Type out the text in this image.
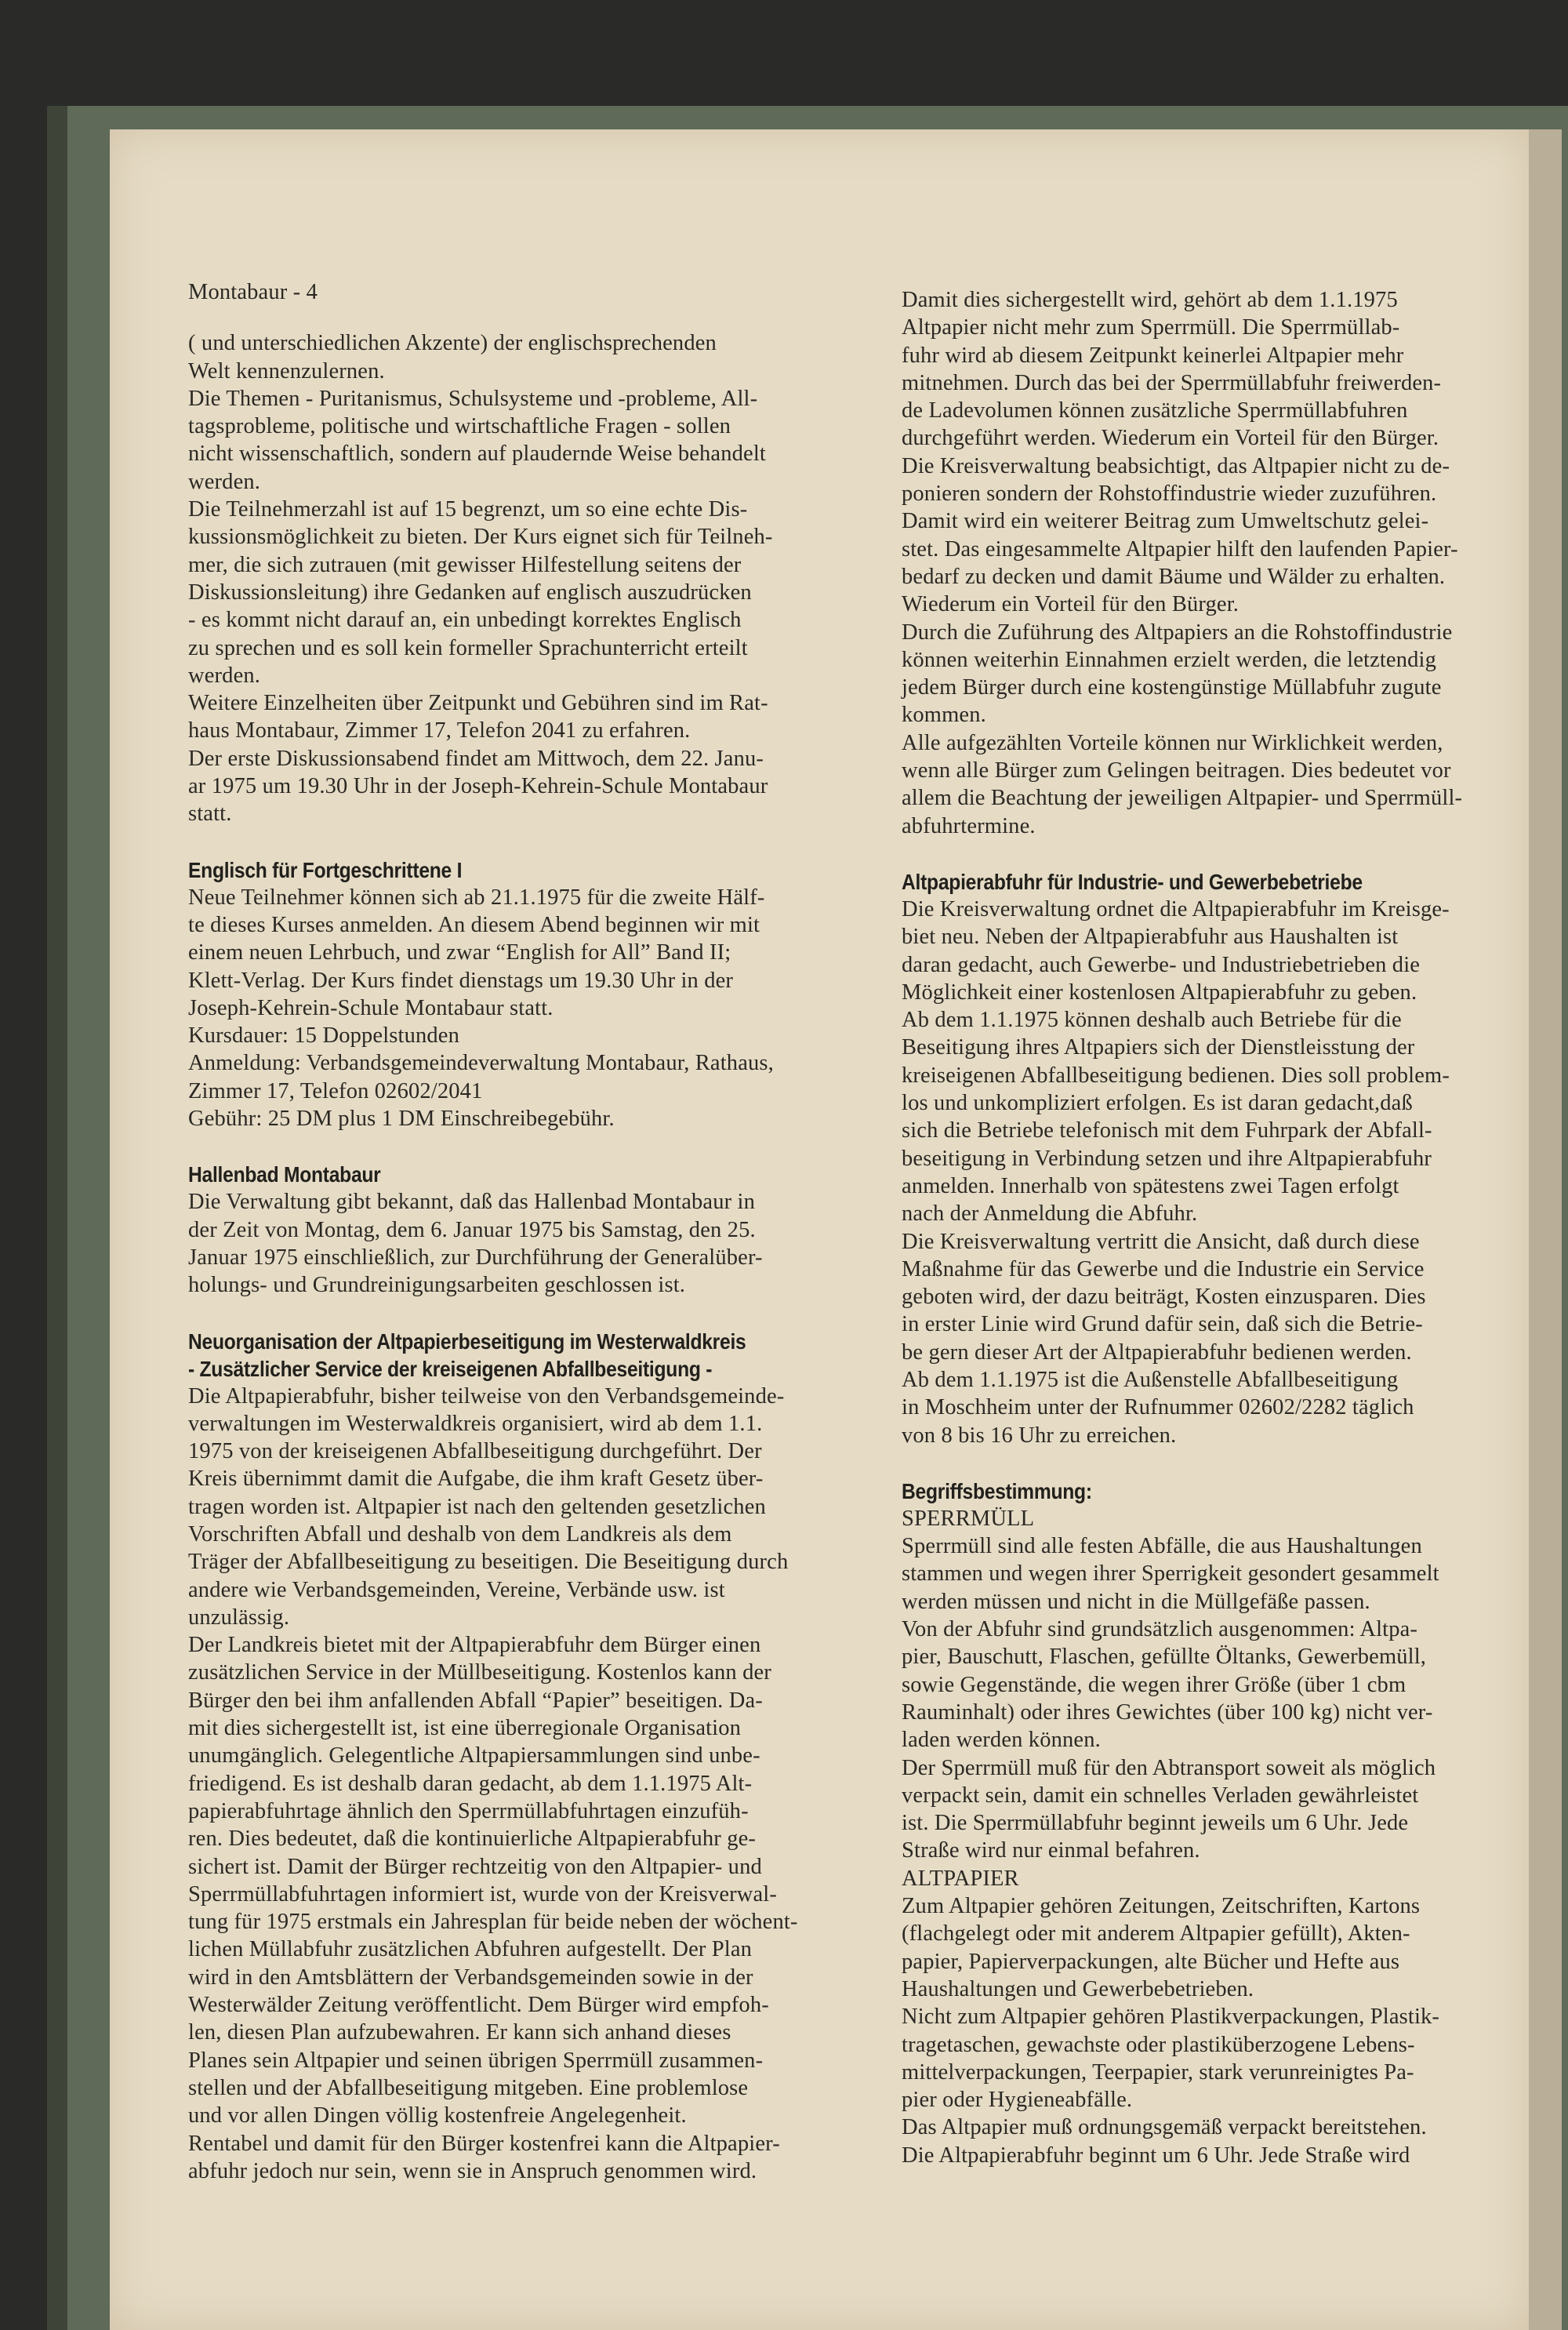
Montabaur - 4

( und unterschiedlichen Akzente) der englischsprechenden

Welt kennenzulernen.

Die Themen - Puritanismus, Schulsysteme und -probleme, All-

tagsprobleme, politische und wirtschaftliche Fragen - sollen

nicht wissenschaftlich, sondern auf plaudernde Weise behandelt

werden.

Die Teilnehmerzahl ist auf 15 begrenzt, um so eine echte Dis-

kussionsmöglichkeit zu bieten. Der Kurs eignet sich für Teilneh-

mer, die sich zutrauen (mit gewisser Hilfestellung seitens der

Diskussionsleitung) ihre Gedanken auf englisch auszudrücken

- es kommt nicht darauf an, ein unbedingt korrektes Englisch

zu sprechen und es soll kein formeller Sprachunterricht erteilt

werden.

Weitere Einzelheiten über Zeitpunkt und Gebühren sind im Rat-

haus Montabaur, Zimmer 17, Telefon 2041 zu erfahren.

Der erste Diskussionsabend findet am Mittwoch, dem 22. Janu-

ar 1975 um 19.30 Uhr in der Joseph-Kehrein-Schule Montabaur

statt.

Englisch für Fortgeschrittene I

Neue Teilnehmer können sich ab 21.1.1975 für die zweite Hälf-

te dieses Kurses anmelden. An diesem Abend beginnen wir mit

einem neuen Lehrbuch, und zwar “English for All” Band II;

Klett-Verlag. Der Kurs findet dienstags um 19.30 Uhr in der

Joseph-Kehrein-Schule Montabaur statt.

Kursdauer: 15 Doppelstunden

Anmeldung: Verbandsgemeindeverwaltung Montabaur, Rathaus,

Zimmer 17, Telefon 02602/2041

Gebühr: 25 DM plus 1 DM Einschreibegebühr.

Hallenbad Montabaur

Die Verwaltung gibt bekannt, daß das Hallenbad Montabaur in

der Zeit von Montag, dem 6. Januar 1975 bis Samstag, den 25.

Januar 1975 einschließlich, zur Durchführung der Generalüber-

holungs- und Grundreinigungsarbeiten geschlossen ist.

Neuorganisation der Altpapierbeseitigung im Westerwaldkreis

- Zusätzlicher Service der kreiseigenen Abfallbeseitigung -

Die Altpapierabfuhr, bisher teilweise von den Verbandsgemeinde-

verwaltungen im Westerwaldkreis organisiert, wird ab dem 1.1.

1975 von der kreiseigenen Abfallbeseitigung durchgeführt. Der

Kreis übernimmt damit die Aufgabe, die ihm kraft Gesetz über-

tragen worden ist. Altpapier ist nach den geltenden gesetzlichen

Vorschriften Abfall und deshalb von dem Landkreis als dem

Träger der Abfallbeseitigung zu beseitigen. Die Beseitigung durch

andere wie Verbandsgemeinden, Vereine, Verbände usw. ist

unzulässig.

Der Landkreis bietet mit der Altpapierabfuhr dem Bürger einen

zusätzlichen Service in der Müllbeseitigung. Kostenlos kann der

Bürger den bei ihm anfallenden Abfall “Papier” beseitigen. Da-

mit dies sichergestellt ist, ist eine überregionale Organisation

unumgänglich. Gelegentliche Altpapiersammlungen sind unbe-

friedigend. Es ist deshalb daran gedacht, ab dem 1.1.1975 Alt-

papierabfuhrtage ähnlich den Sperrmüllabfuhrtagen einzufüh-

ren. Dies bedeutet, daß die kontinuierliche Altpapierabfuhr ge-

sichert ist. Damit der Bürger rechtzeitig von den Altpapier- und

Sperrmüllabfuhrtagen informiert ist, wurde von der Kreisverwal-

tung für 1975 erstmals ein Jahresplan für beide neben der wöchent-

lichen Müllabfuhr zusätzlichen Abfuhren aufgestellt. Der Plan

wird in den Amtsblättern der Verbandsgemeinden sowie in der

Westerwälder Zeitung veröffentlicht. Dem Bürger wird empfoh-

len, diesen Plan aufzubewahren. Er kann sich anhand dieses

Planes sein Altpapier und seinen übrigen Sperrmüll zusammen-

stellen und der Abfallbeseitigung mitgeben. Eine problemlose

und vor allen Dingen völlig kostenfreie Angelegenheit.

Rentabel und damit für den Bürger kostenfrei kann die Altpapier-

abfuhr jedoch nur sein, wenn sie in Anspruch genommen wird.

Damit dies sichergestellt wird, gehört ab dem 1.1.1975

Altpapier nicht mehr zum Sperrmüll. Die Sperrmüllab-

fuhr wird ab diesem Zeitpunkt keinerlei Altpapier mehr

mitnehmen. Durch das bei der Sperrmüllabfuhr freiwerden-

de Ladevolumen können zusätzliche Sperrmüllabfuhren

durchgeführt werden. Wiederum ein Vorteil für den Bürger.

Die Kreisverwaltung beabsichtigt, das Altpapier nicht zu de-

ponieren sondern der Rohstoffindustrie wieder zuzuführen.

Damit wird ein weiterer Beitrag zum Umweltschutz gelei-

stet. Das eingesammelte Altpapier hilft den laufenden Papier-

bedarf zu decken und damit Bäume und Wälder zu erhalten.

Wiederum ein Vorteil für den Bürger.

Durch die Zuführung des Altpapiers an die Rohstoffindustrie

können weiterhin Einnahmen erzielt werden, die letztendig

jedem Bürger durch eine kostengünstige Müllabfuhr zugute

kommen.

Alle aufgezählten Vorteile können nur Wirklichkeit werden,

wenn alle Bürger zum Gelingen beitragen. Dies bedeutet vor

allem die Beachtung der jeweiligen Altpapier- und Sperrmüll-

abfuhrtermine.

Altpapierabfuhr für Industrie- und Gewerbebetriebe

Die Kreisverwaltung ordnet die Altpapierabfuhr im Kreisge-

biet neu. Neben der Altpapierabfuhr aus Haushalten ist

daran gedacht, auch Gewerbe- und Industriebetrieben die

Möglichkeit einer kostenlosen Altpapierabfuhr zu geben.

Ab dem 1.1.1975 können deshalb auch Betriebe für die

Beseitigung ihres Altpapiers sich der Dienstleisstung der

kreiseigenen Abfallbeseitigung bedienen. Dies soll problem-

los und unkompliziert erfolgen. Es ist daran gedacht,daß

sich die Betriebe telefonisch mit dem Fuhrpark der Abfall-

beseitigung in Verbindung setzen und ihre Altpapierabfuhr

anmelden. Innerhalb von spätestens zwei Tagen erfolgt

nach der Anmeldung die Abfuhr.

Die Kreisverwaltung vertritt die Ansicht, daß durch diese

Maßnahme für das Gewerbe und die Industrie ein Service

geboten wird, der dazu beiträgt, Kosten einzusparen. Dies

in erster Linie wird Grund dafür sein, daß sich die Betrie-

be gern dieser Art der Altpapierabfuhr bedienen werden.

Ab dem 1.1.1975 ist die Außenstelle Abfallbeseitigung

in Moschheim unter der Rufnummer 02602/2282 täglich

von 8 bis 16 Uhr zu erreichen.

Begriffsbestimmung:

SPERRMÜLL

Sperrmüll sind alle festen Abfälle, die aus Haushaltungen

stammen und wegen ihrer Sperrigkeit gesondert gesammelt

werden müssen und nicht in die Müllgefäße passen.

Von der Abfuhr sind grundsätzlich ausgenommen: Altpa-

pier, Bauschutt, Flaschen, gefüllte Öltanks, Gewerbemüll,

sowie Gegenstände, die wegen ihrer Größe (über 1 cbm

Rauminhalt) oder ihres Gewichtes (über 100 kg) nicht ver-

laden werden können.

Der Sperrmüll muß für den Abtransport soweit als möglich

verpackt sein, damit ein schnelles Verladen gewährleistet

ist. Die Sperrmüllabfuhr beginnt jeweils um 6 Uhr. Jede

Straße wird nur einmal befahren.

ALTPAPIER

Zum Altpapier gehören Zeitungen, Zeitschriften, Kartons

(flachgelegt oder mit anderem Altpapier gefüllt), Akten-

papier, Papierverpackungen, alte Bücher und Hefte aus

Haushaltungen und Gewerbebetrieben.

Nicht zum Altpapier gehören Plastikverpackungen, Plastik-

tragetaschen, gewachste oder plastiküberzogene Lebens-

mittelverpackungen, Teerpapier, stark verunreinigtes Pa-

pier oder Hygieneabfälle.

Das Altpapier muß ordnungsgemäß verpackt bereitstehen.

Die Altpapierabfuhr beginnt um 6 Uhr. Jede Straße wird
